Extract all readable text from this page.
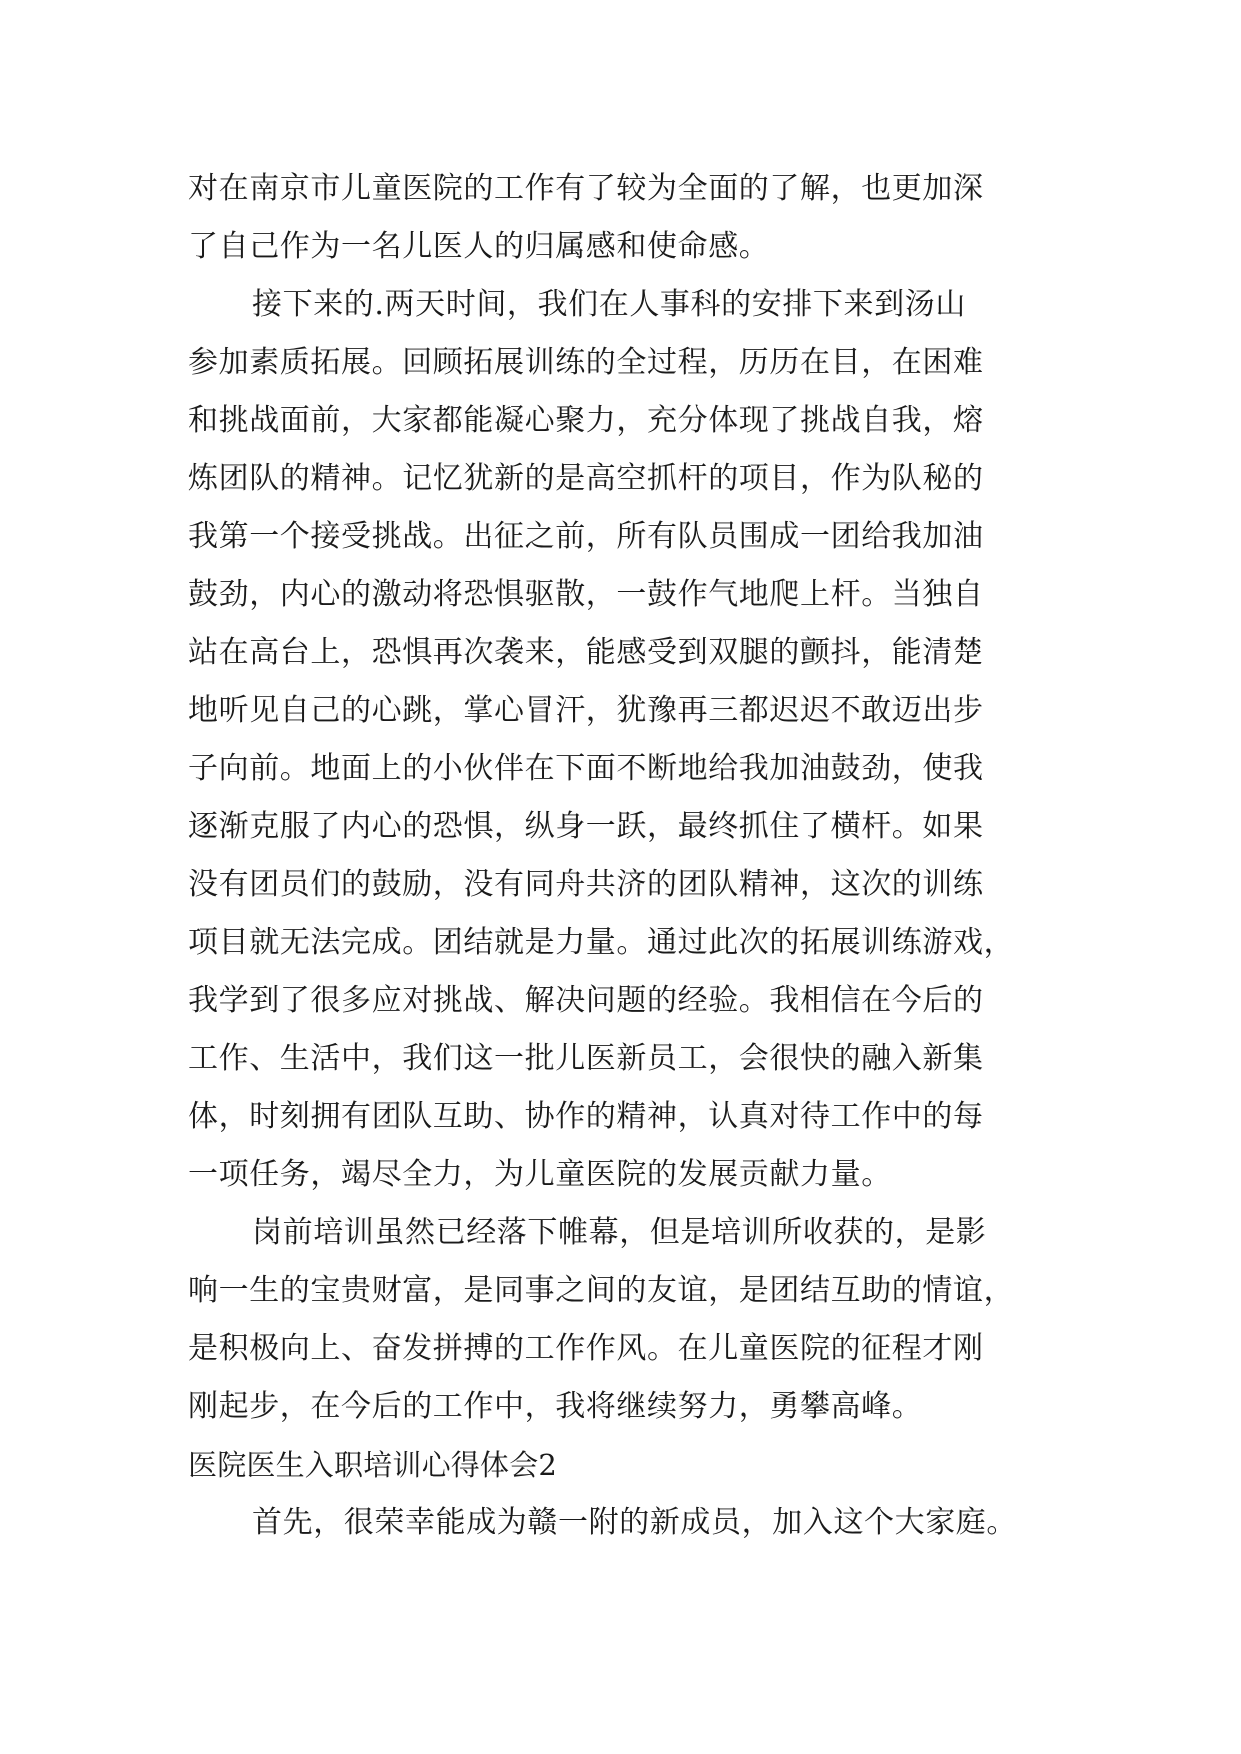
对在南京市儿童医院的工作有了较为全面的了解，也更加深
了自己作为一名儿医人的归属感和使命感。
接下来的.两天时间，我们在人事科的安排下来到汤山
参加素质拓展。回顾拓展训练的全过程，历历在目，在困难
和挑战面前，大家都能凝心聚力，充分体现了挑战自我，熔
炼团队的精神。记忆犹新的是高空抓杆的项目，作为队秘的
我第一个接受挑战。出征之前，所有队员围成一团给我加油
鼓劲，内心的激动将恐惧驱散，一鼓作气地爬上杆。当独自
站在高台上，恐惧再次袭来，能感受到双腿的颤抖，能清楚
地听见自己的心跳，掌心冒汗，犹豫再三都迟迟不敢迈出步
子向前。地面上的小伙伴在下面不断地给我加油鼓劲，使我
逐渐克服了内心的恐惧，纵身一跃，最终抓住了横杆。如果
没有团员们的鼓励，没有同舟共济的团队精神，这次的训练
项目就无法完成。团结就是力量。通过此次的拓展训练游戏，
我学到了很多应对挑战、解决问题的经验。我相信在今后的
工作、生活中，我们这一批儿医新员工，会很快的融入新集
体，时刻拥有团队互助、协作的精神，认真对待工作中的每
一项任务，竭尽全力，为儿童医院的发展贡献力量。
岗前培训虽然已经落下帷幕，但是培训所收获的，是影
响一生的宝贵财富，是同事之间的友谊，是团结互助的情谊，
是积极向上、奋发拼搏的工作作风。在儿童医院的征程才刚
刚起步，在今后的工作中，我将继续努力，勇攀高峰。
医院医生入职培训心得体会2
首先，很荣幸能成为赣一附的新成员，加入这个大家庭。
